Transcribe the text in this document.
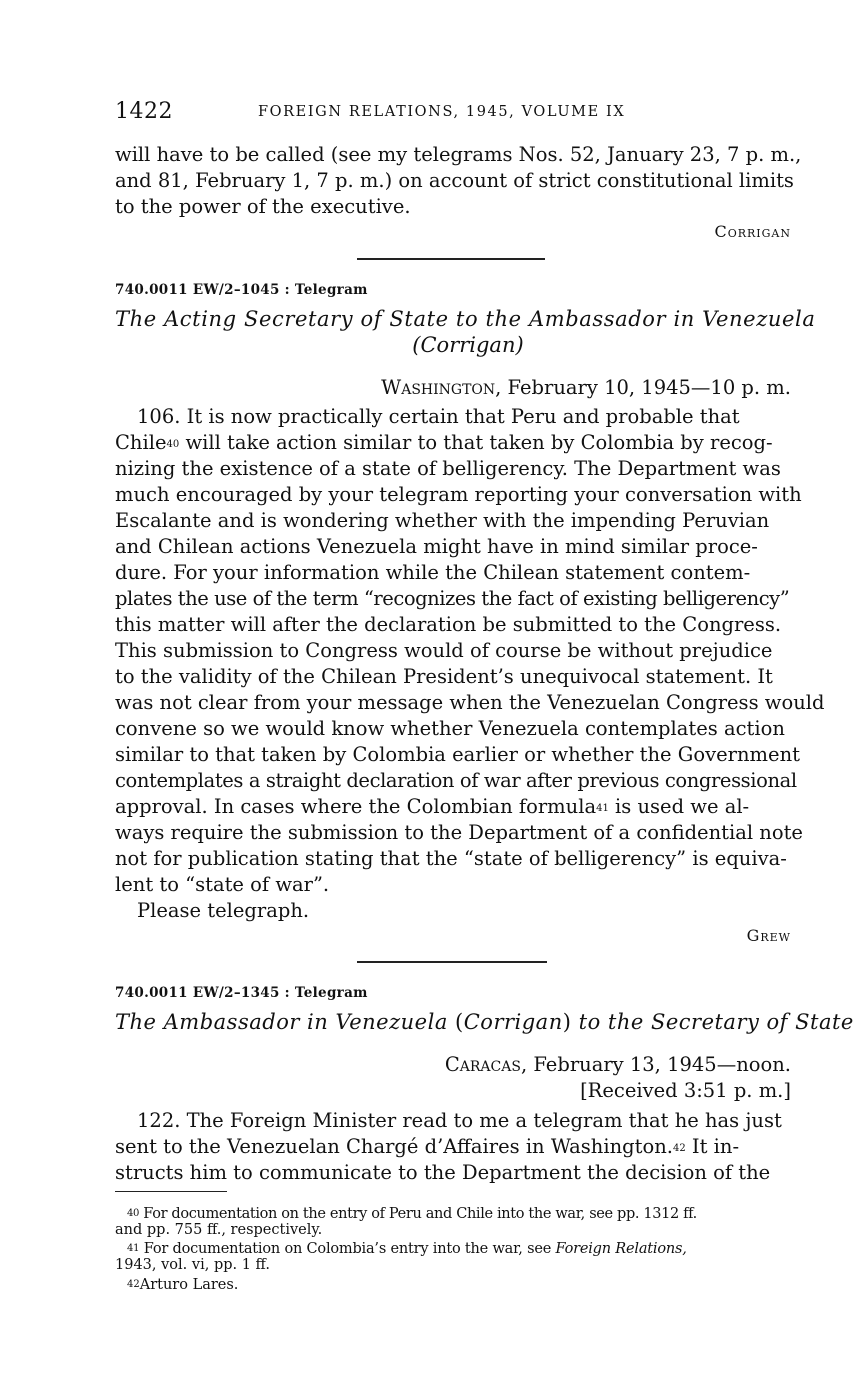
1422	FOREIGN RELATIONS, 1945, VOLUME IX
will have to be called (see my telegrams Nos. 52, January 23, 7 p. m.,
and 81, February 1, 7 p. m.) on account of strict constitutional limits
to the power of the executive.
Corrigan
740.0011 EW/2–1045 : Telegram
The Acting Secretary of State to the Ambassador in Venezuela
(Corrigan)
Washington, February 10, 1945—10 p. m.
106. It is now practically certain that Peru and probable that
Chile$^{40}$ will take action similar to that taken by Colombia by recog-
nizing the existence of a state of belligerency. The Department was
much encouraged by your telegram reporting your conversation with
Escalante and is wondering whether with the impending Peruvian
and Chilean actions Venezuela might have in mind similar proce-
dure. For your information while the Chilean statement contem-
plates the use of the term “recognizes the fact of existing belligerency”
this matter will after the declaration be submitted to the Congress.
This submission to Congress would of course be without prejudice
to the validity of the Chilean President’s unequivocal statement. It
was not clear from your message when the Venezuelan Congress would
convene so we would know whether Venezuela contemplates action
similar to that taken by Colombia earlier or whether the Government
contemplates a straight declaration of war after previous congressional
approval. In cases where the Colombian formula$^{41}$ is used we al-
ways require the submission to the Department of a confidential note
not for publication stating that the “state of belligerency” is equiva-
lent to “state of war”.
Please telegraph.
Grew
740.0011 EW/2–1345 : Telegram
The Ambassador in Venezuela (Corrigan) to the Secretary of State
Caracas, February 13, 1945—noon.
[Received 3:51 p. m.]
122. The Foreign Minister read to me a telegram that he has just
sent to the Venezuelan Chargé d’Affaires in Washington.$^{42}$ It in-
structs him to communicate to the Department the decision of the
$^{40}$ For documentation on the entry of Peru and Chile into the war, see pp. 1312 ff.
and pp. 755 ff., respectively.
$^{41}$ For documentation on Colombia’s entry into the war, see Foreign Relations,
1943, vol. vi, pp. 1 ff.
$^{42}$Arturo Lares.
